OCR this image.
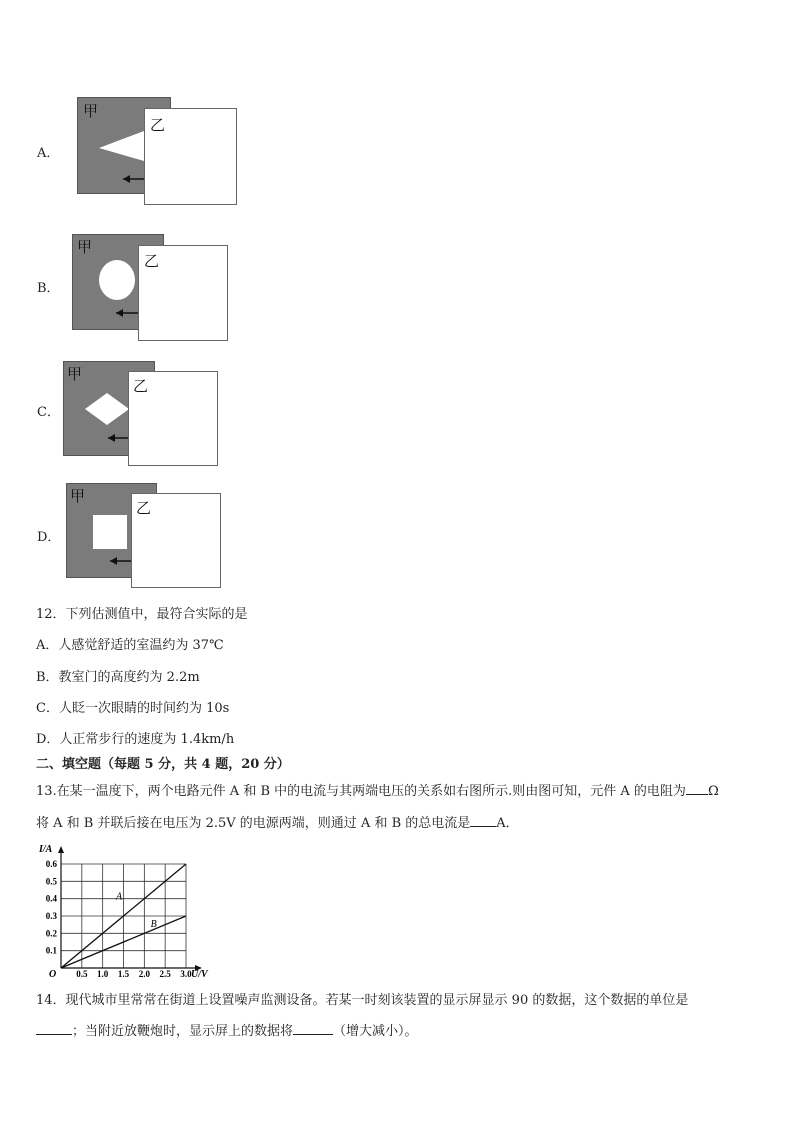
A．
甲
乙
B．
甲
乙
C．
甲
乙
D．
甲
乙
12．下列估测值中，最符合实际的是
A．人感觉舒适的室温约为 37℃
B．教室门的高度约为 2.2m
C．人眨一次眼睛的时间约为 10s
D．人正常步行的速度为 1.4km/h
二、填空题（每题 5 分，共 4 题，20 分）
13.在某一温度下，两个电路元件 A 和 B 中的电流与其两端电压的关系如右图所示.则由图可知，元件 A 的电阻为 Ω
将 A 和 B 并联后接在电压为 2.5V 的电源两端，则通过 A 和 B 的总电流是 A．
0.5 1.0 1.5 2.0 2.5 3.0
0.1
0.2
0.3
0.4
0.5
0.6
O
I/A
U/V
A
B
14．现代城市里常常在街道上设置噪声监测设备。若某一时刻该装置的显示屏显示 90 的数据，这个数据的单位是
；当附近放鞭炮时，显示屏上的数据将	（增大减小）。
